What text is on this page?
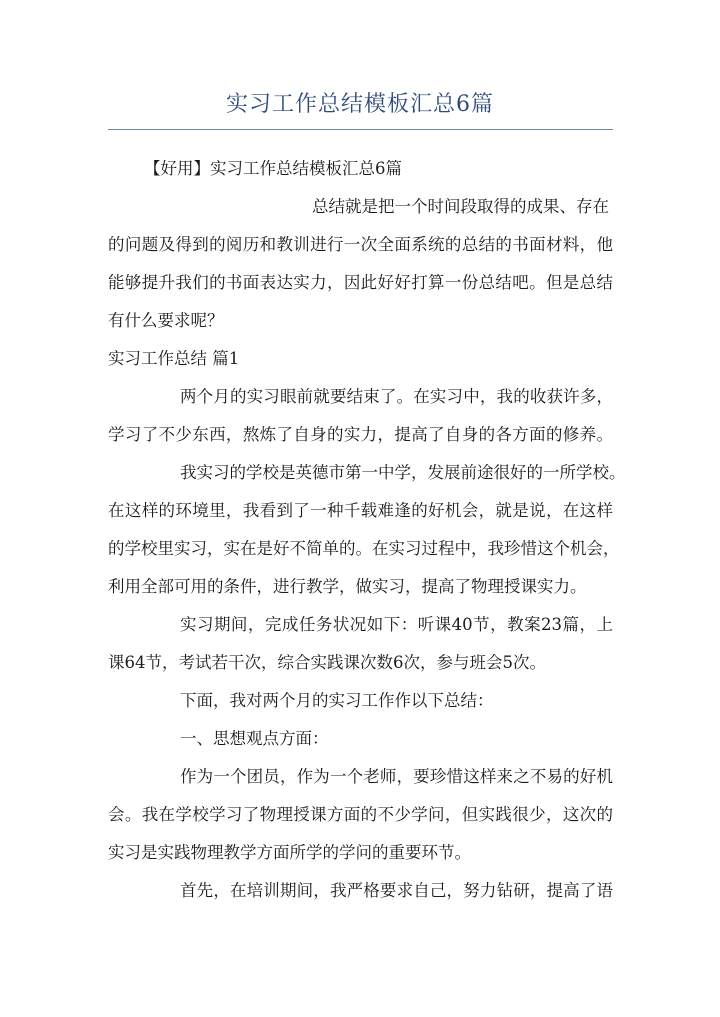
实习工作总结模板汇总6篇
【好用】实习工作总结模板汇总6篇
总结就是把一个时间段取得的成果、存在
的问题及得到的阅历和教训进行一次全面系统的总结的书面材料，他
能够提升我们的书面表达实力，因此好好打算一份总结吧。但是总结
有什么要求呢？
实习工作总结 篇1
两个月的实习眼前就要结束了。在实习中，我的收获许多，
学习了不少东西，熬炼了自身的实力，提高了自身的各方面的修养。
我实习的学校是英德市第一中学，发展前途很好的一所学校。
在这样的环境里，我看到了一种千载难逢的好机会，就是说，在这样
的学校里实习，实在是好不简单的。在实习过程中，我珍惜这个机会，
利用全部可用的条件，进行教学，做实习，提高了物理授课实力。
实习期间，完成任务状况如下：听课40节，教案23篇，上
课64节，考试若干次，综合实践课次数6次，参与班会5次。
下面，我对两个月的实习工作作以下总结：
一、思想观点方面：
作为一个团员，作为一个老师，要珍惜这样来之不易的好机
会。我在学校学习了物理授课方面的不少学问，但实践很少，这次的
实习是实践物理教学方面所学的学问的重要环节。
首先，在培训期间，我严格要求自己，努力钻研，提高了语
